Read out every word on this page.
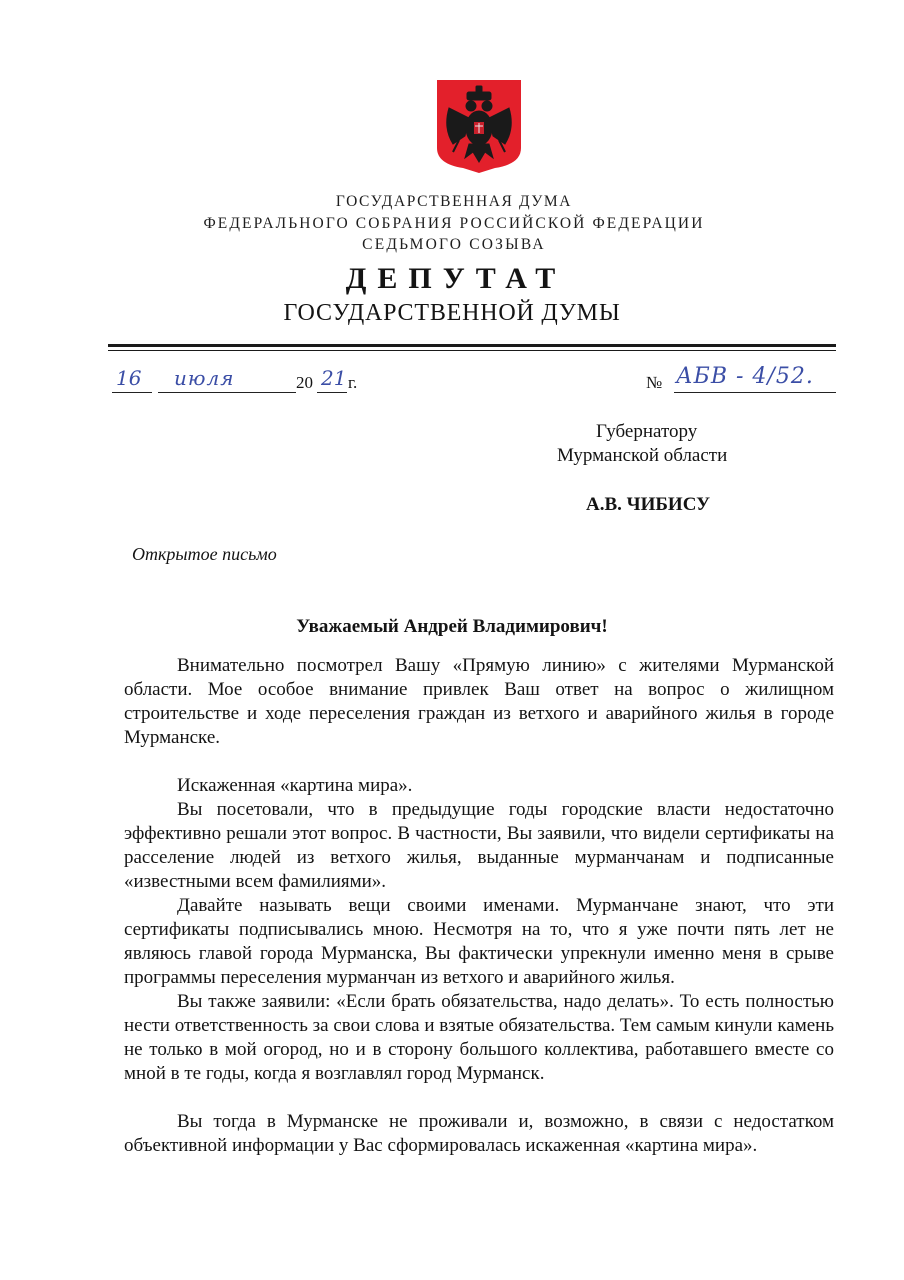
ГОСУДАРСТВЕННАЯ ДУМА
ФЕДЕРАЛЬНОГО СОБРАНИЯ РОССИЙСКОЙ ФЕДЕРАЦИИ
СЕДЬМОГО СОЗЫВА
ДЕПУТАТ
ГОСУДАРСТВЕННОЙ ДУМЫ
16 июля	20 21 г.	№ АБВ - 4/52.
Губернатору
Мурманской области
А.В. ЧИБИСУ
Открытое письмо
Уважаемый Андрей Владимирович!

Внимательно посмотрел Вашу «Прямую линию» с жителями Мурманской области. Мое особое внимание привлек Ваш ответ на вопрос о жилищном строительстве и ходе переселения граждан из ветхого и аварийного жилья в городе Мурманске.

Искаженная «картина мира».

Вы посетовали, что в предыдущие годы городские власти недостаточно эффективно решали этот вопрос. В частности, Вы заявили, что видели сертификаты на расселение людей из ветхого жилья, выданные мурманчанам и подписанные «известными всем фамилиями».

Давайте называть вещи своими именами. Мурманчане знают, что эти сертификаты подписывались мною. Несмотря на то, что я уже почти пять лет не являюсь главой города Мурманска, Вы фактически упрекнули именно меня в срыве программы переселения мурманчан из ветхого и аварийного жилья.

Вы также заявили: «Если брать обязательства, надо делать». То есть полностью нести ответственность за свои слова и взятые обязательства. Тем самым кинули камень не только в мой огород, но и в сторону большого коллектива, работавшего вместе со мной в те годы, когда я возглавлял город Мурманск.

Вы тогда в Мурманске не проживали и, возможно, в связи с недостатком объективной информации у Вас сформировалась искаженная «картина мира».
